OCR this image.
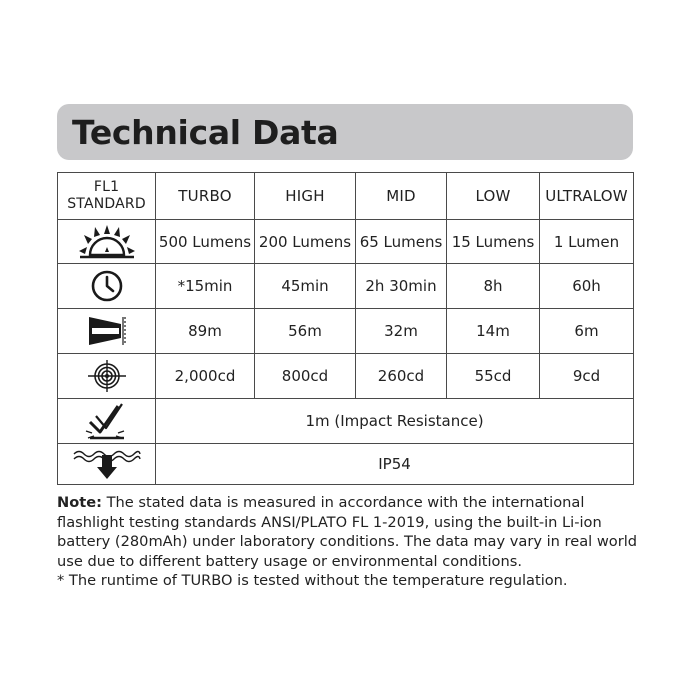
Technical Data
FL1
STANDARD	TURBO	HIGH	MID	LOW	ULTRALOW

	500 Lumens	200 Lumens	65 Lumens	15 Lumens	1 Lumen

	*15min	45min	2h 30min	8h	60h

	89m	56m	32m	14m	6m

	2,000cd	800cd	260cd	55cd	9cd

	1m (Impact Resistance)				

	IP54				

Note: The stated data is measured in accordance with the international flashlight testing standards ANSI/PLATO FL 1-2019, using the built-in Li-ion battery (280mAh) under laboratory conditions. The data may vary in real world use due to different battery usage or environmental conditions.

* The runtime of TURBO is tested without the temperature regulation.
